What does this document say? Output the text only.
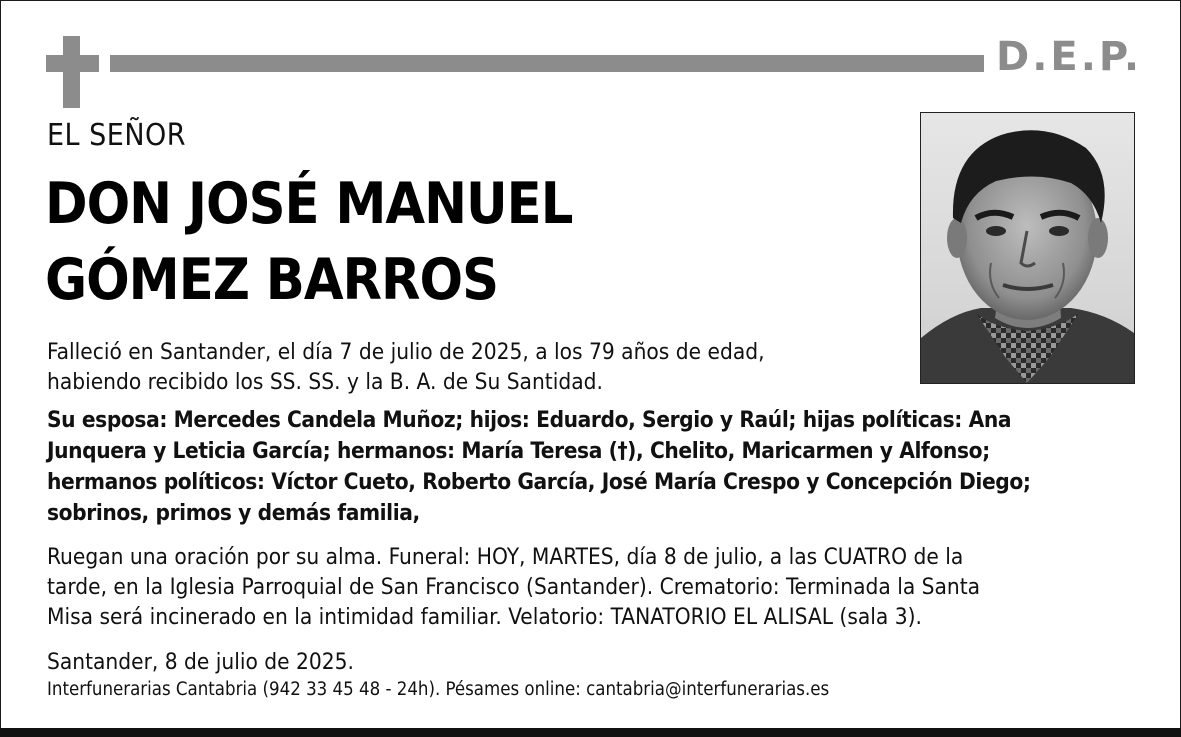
D.E.P.
EL SEÑOR
DON JOSÉ MANUEL
GÓMEZ BARROS
Falleció en Santander, el día 7 de julio de 2025, a los 79 años de edad,
habiendo recibido los SS. SS. y la B. A. de Su Santidad.
Su esposa: Mercedes Candela Muñoz; hijos: Eduardo, Sergio y Raúl; hijas políticas: Ana
Junquera y Leticia García; hermanos: María Teresa (†), Chelito, Maricarmen y Alfonso;
hermanos políticos: Víctor Cueto, Roberto García, José María Crespo y Concepción Diego;
sobrinos, primos y demás familia,
Ruegan una oración por su alma. Funeral: HOY, MARTES, día 8 de julio, a las CUATRO de la
tarde, en la Iglesia Parroquial de San Francisco (Santander). Crematorio: Terminada la Santa
Misa será incinerado en la intimidad familiar. Velatorio: TANATORIO EL ALISAL (sala 3).
Santander, 8 de julio de 2025.
Interfunerarias Cantabria (942 33 45 48 - 24h). Pésames online: cantabria@interfunerarias.es
